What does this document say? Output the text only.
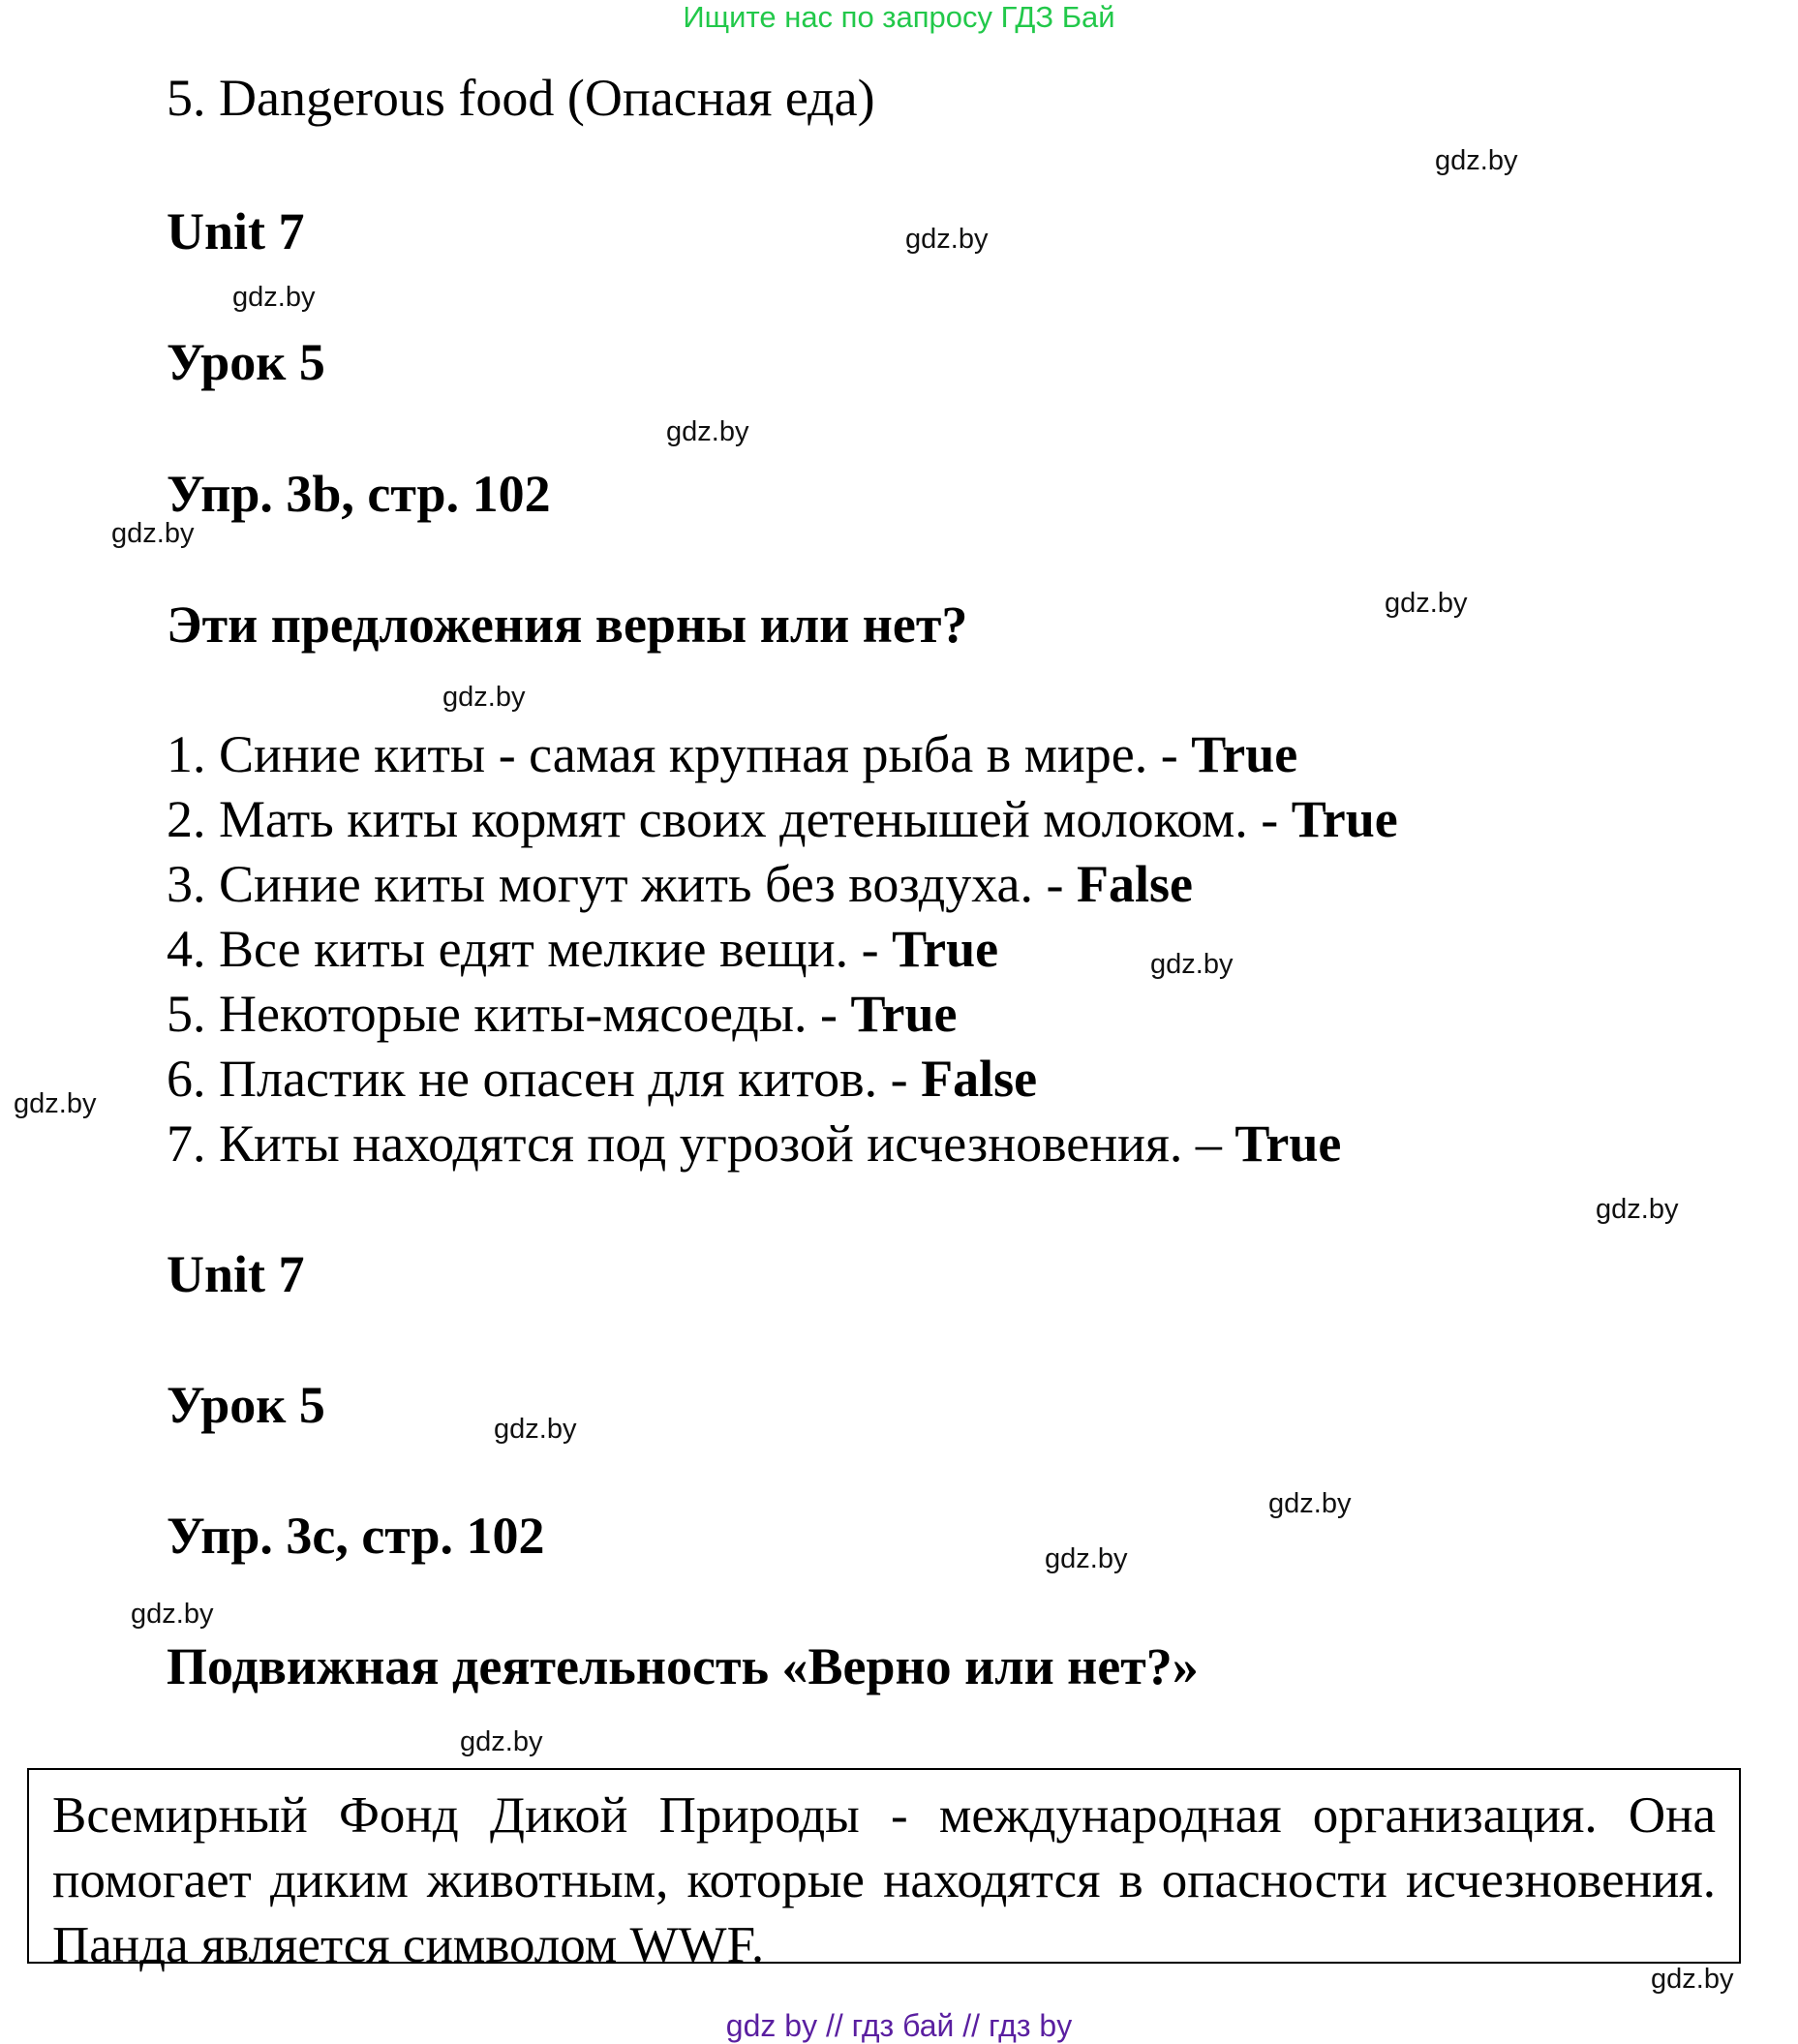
Ищите нас по запросу ГДЗ Бай
5. Dangerous food (Опасная еда)
Unit 7
Урок 5
Упр. 3b, стр. 102
Эти предложения верны или нет?
1. Синие киты - самая крупная рыба в мире. - True
2. Мать киты кормят своих детенышей молоком. - True
3. Синие киты могут жить без воздуха. - False
4. Все киты едят мелкие вещи. - True
5. Некоторые киты-мясоеды. - True
6. Пластик не опасен для китов. - False
7. Киты находятся под угрозой исчезновения. – True
Unit 7
Урок 5
Упр. 3c, стр. 102
Подвижная деятельность «Верно или нет?»
Всемирный Фонд Дикой Природы - международная организация. Она помогает диким животным, которые находятся в опасности исчезновения. Панда является символом WWF.
gdz.by
gdz.by
gdz.by
gdz.by
gdz.by
gdz.by
gdz.by
gdz.by
gdz.by
gdz.by
gdz.by
gdz.by
gdz.by
gdz.by
gdz.by
gdz.by
gdz by // гдз бай // гдз by
